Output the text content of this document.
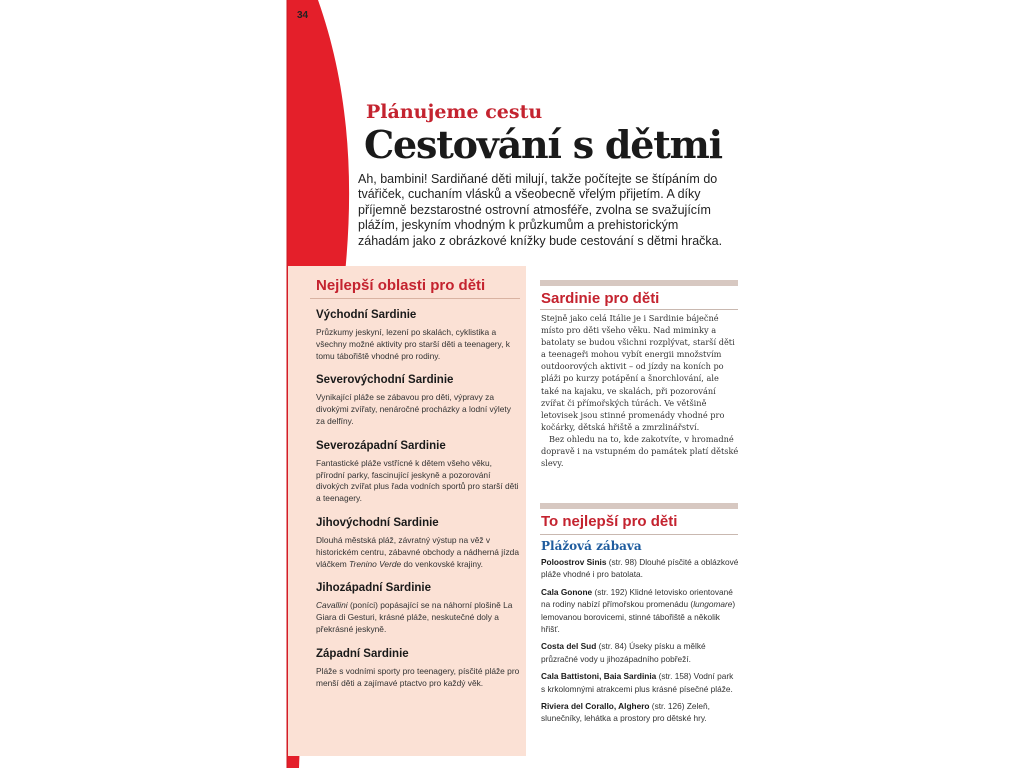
34
Plánujeme cestu
Cestování s dětmi
Ah, bambini! Sardiňané děti milují, takže počítejte se štípáním do tvářiček, cuchaním vlásků a všeobecně vřelým přijetím. A díky příjemně bezstarostné ostrovní atmosféře, zvolna se svažujícím plážím, jeskyním vhodným k průzkumům a prehistorickým záhadám jako z obrázkové knížky bude cestování s dětmi hračka.
Nejlepší oblasti pro děti
Východní Sardinie

Průzkumy jeskyní, lezení po skalách, cyklistika a všechny možné aktivity pro starší děti a teenagery, k tomu tábořiště vhodné pro rodiny.

Severovýchodní Sardinie

Vynikající pláže se zábavou pro děti, výpravy za divokými zvířaty, nenáročné procházky a lodní výlety za delfíny.

Severozápadní Sardinie

Fantastické pláže vstřícné k dětem všeho věku, přírodní parky, fascinující jeskyně a pozorování divokých zvířat plus řada vodních sportů pro starší děti a teenagery.

Jihovýchodní Sardinie

Dlouhá městská pláž, závratný výstup na věž v historickém centru, zábavné obchody a nádherná jízda vláčkem Trenino Verde do venkovské krajiny.

Jihozápadní Sardinie

Cavallini (poníci) popásající se na náhorní plošině La Giara di Gesturi, krásné pláže, neskutečné doly a překrásné jeskyně.

Západní Sardinie

Pláže s vodními sporty pro teenagery, písčité pláže pro menší děti a zajímavé ptactvo pro každý věk.

Sardinie pro děti

Stejně jako celá Itálie je i Sardinie báječné místo pro děti všeho věku. Nad miminky a batolaty se budou všichni rozplývat, starší děti a teenageři mohou vybít energii množstvím outdoorových aktivit – od jízdy na koních po pláži po kurzy potápění a šnorchlování, ale také na kajaku, ve skalách, při pozorování zvířat či přímořských túrách. Ve většině letovisek jsou stinné promenády vhodné pro kočárky, dětská hřiště a zmrzlinářství.

Bez ohledu na to, kde zakotvíte, v hromadné dopravě i na vstupném do památek platí dětské slevy.

To nejlepší pro děti
Plážová zábava

Poloostrov Sinis (str. 98) Dlouhé písčité a oblázkové pláže vhodné i pro batolata.

Cala Gonone (str. 192) Klidné letovisko orientované na rodiny nabízí přímořskou promenádu (lungomare) lemovanou borovicemi, stinné tábořiště a několik hřišť.

Costa del Sud (str. 84) Úseky písku a mělké průzračné vody u jihozápadního pobřeží.

Cala Battistoni, Baia Sardinia (str. 158) Vodní park s krkolomnými atrakcemi plus krásné písečné pláže.

Riviera del Corallo, Alghero (str. 126) Zeleň, slunečníky, lehátka a prostory pro dětské hry.
